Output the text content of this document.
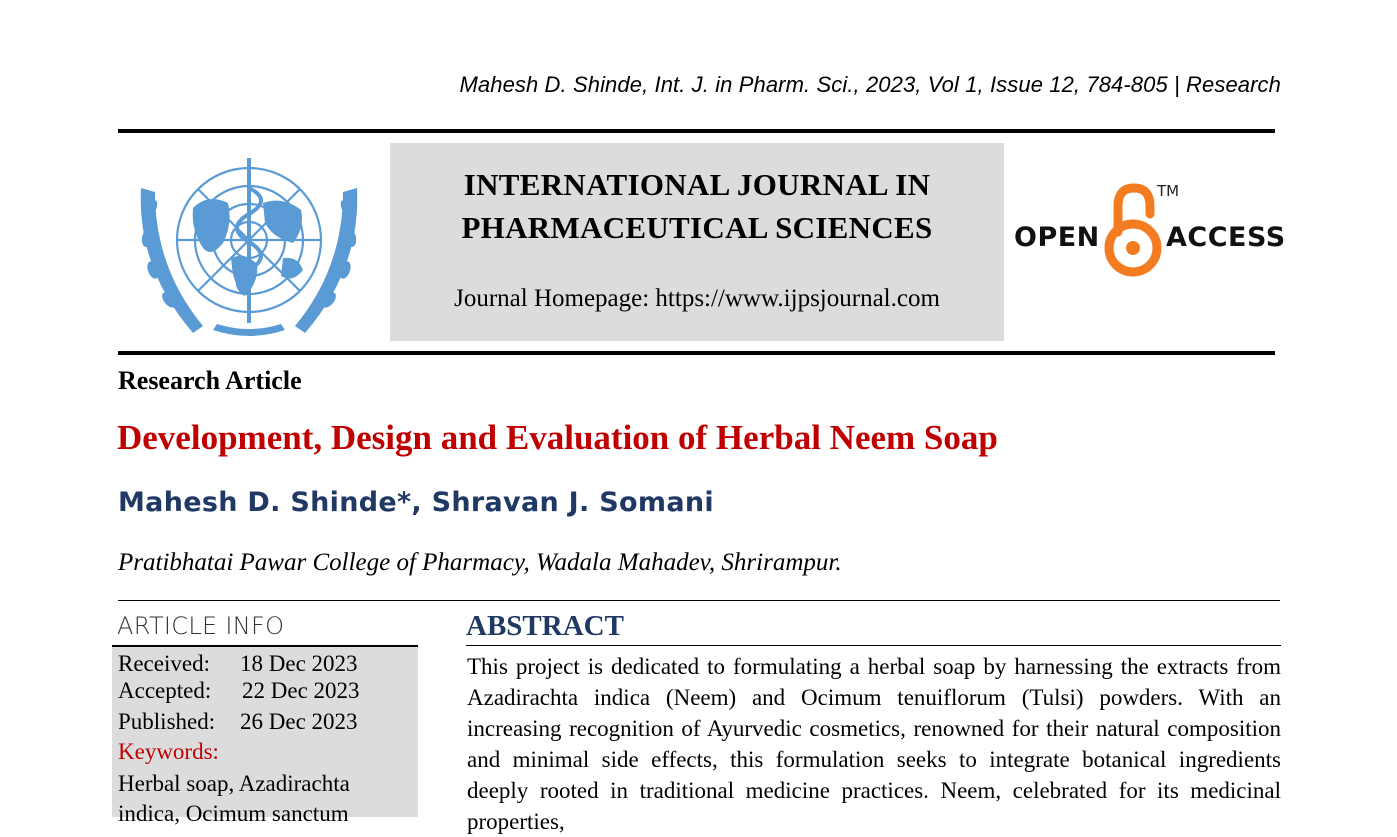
Mahesh D. Shinde, Int. J. in Pharm. Sci., 2023, Vol 1, Issue 12, 784-805 | Research
INTERNATIONAL JOURNAL IN
PHARMACEUTICAL SCIENCES
Journal Homepage: https://www.ijpsjournal.com
OPEN
TM
ACCESS
Research Article
Development, Design and Evaluation of Herbal Neem Soap
Mahesh D. Shinde*, Shravan J. Somani
Pratibhatai Pawar College of Pharmacy, Wadala Mahadev, Shrirampur.
ARTICLE INFO
Received: 18 Dec 2023
Accepted: 22 Dec 2023
Published: 26 Dec 2023
Keywords:
Herbal soap, Azadirachta indica, Ocimum sanctum
ABSTRACT
This project is dedicated to formulating a herbal soap by harnessing the extracts from Azadirachta indica (Neem) and Ocimum tenuiflorum (Tulsi) powders. With an increasing recognition of Ayurvedic cosmetics, renowned for their natural composition and minimal side effects, this formulation seeks to integrate botanical ingredients deeply rooted in traditional medicine practices. Neem, celebrated for its medicinal properties,
